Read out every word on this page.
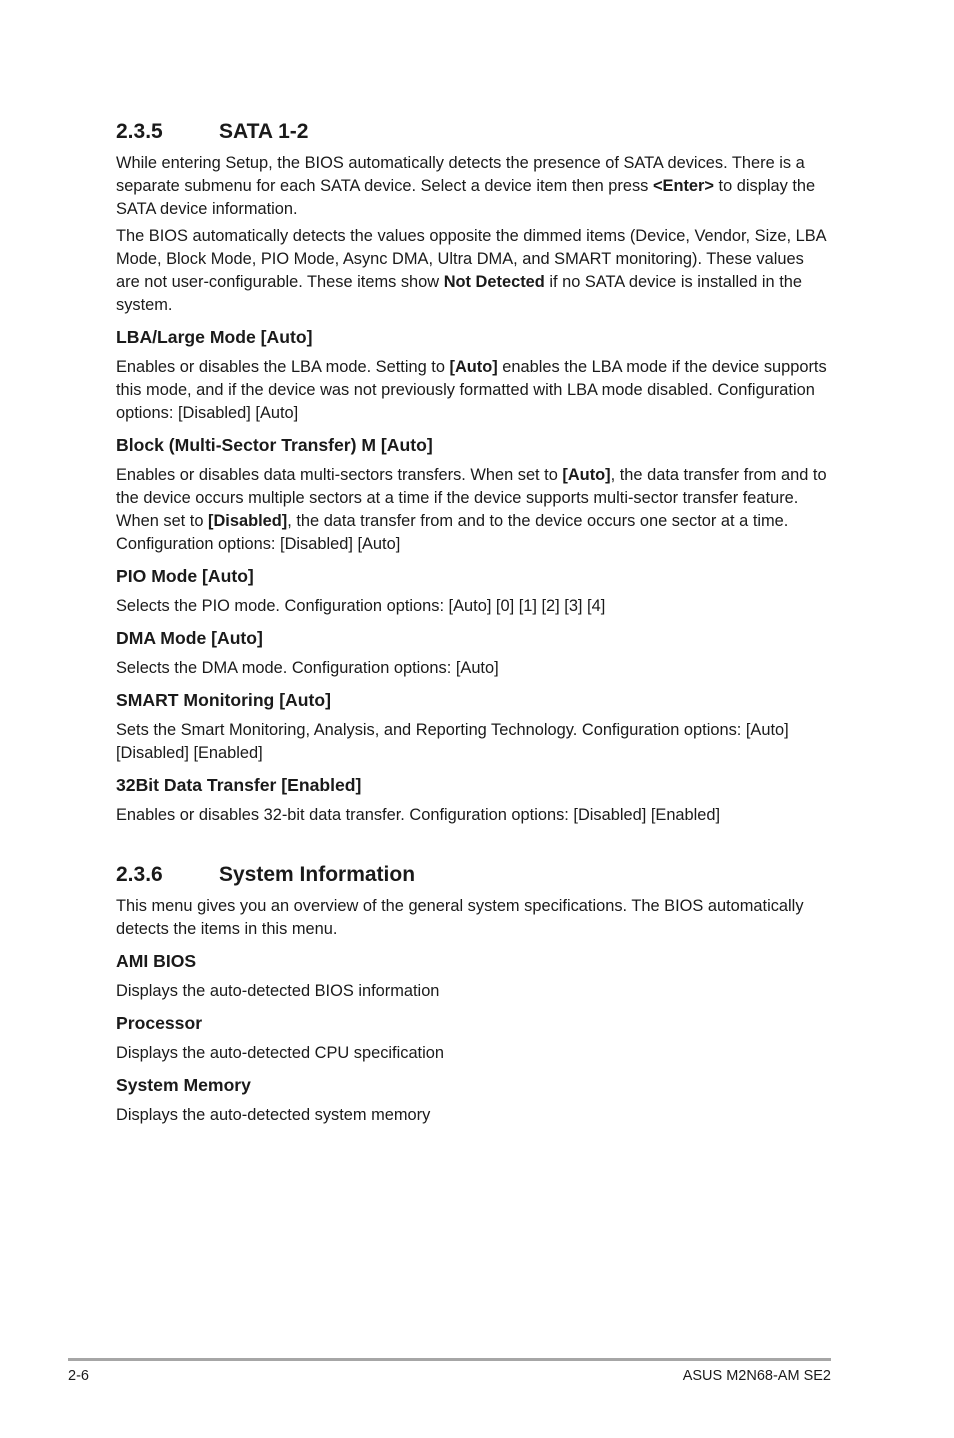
2.3.5	SATA 1-2

While entering Setup, the BIOS automatically detects the presence of SATA devices. There is a separate submenu for each SATA device. Select a device item then press <Enter> to display the SATA device information.

The BIOS automatically detects the values opposite the dimmed items (Device, Vendor, Size, LBA Mode, Block Mode, PIO Mode, Async DMA, Ultra DMA, and SMART monitoring). These values are not user-configurable. These items show Not Detected if no SATA device is installed in the system.

LBA/Large Mode [Auto]

Enables or disables the LBA mode. Setting to [Auto] enables the LBA mode if the device supports this mode, and if the device was not previously formatted with LBA mode disabled. Configuration options: [Disabled] [Auto]

Block (Multi-Sector Transfer) M [Auto]

Enables or disables data multi-sectors transfers. When set to [Auto], the data transfer from and to the device occurs multiple sectors at a time if the device supports multi-sector transfer feature. When set to [Disabled], the data transfer from and to the device occurs one sector at a time. Configuration options: [Disabled] [Auto]

PIO Mode [Auto]

Selects the PIO mode. Configuration options: [Auto] [0] [1] [2] [3] [4]

DMA Mode [Auto]

Selects the DMA mode. Configuration options: [Auto]

SMART Monitoring [Auto]

Sets the Smart Monitoring, Analysis, and Reporting Technology. Configuration options: [Auto] [Disabled] [Enabled]

32Bit Data Transfer [Enabled]

Enables or disables 32-bit data transfer. Configuration options: [Disabled] [Enabled]

2.3.6	System Information

This menu gives you an overview of the general system specifications. The BIOS automatically detects the items in this menu.

AMI BIOS

Displays the auto-detected BIOS information

Processor

Displays the auto-detected CPU specification

System Memory

Displays the auto-detected system memory

2-6	ASUS M2N68-AM SE2
